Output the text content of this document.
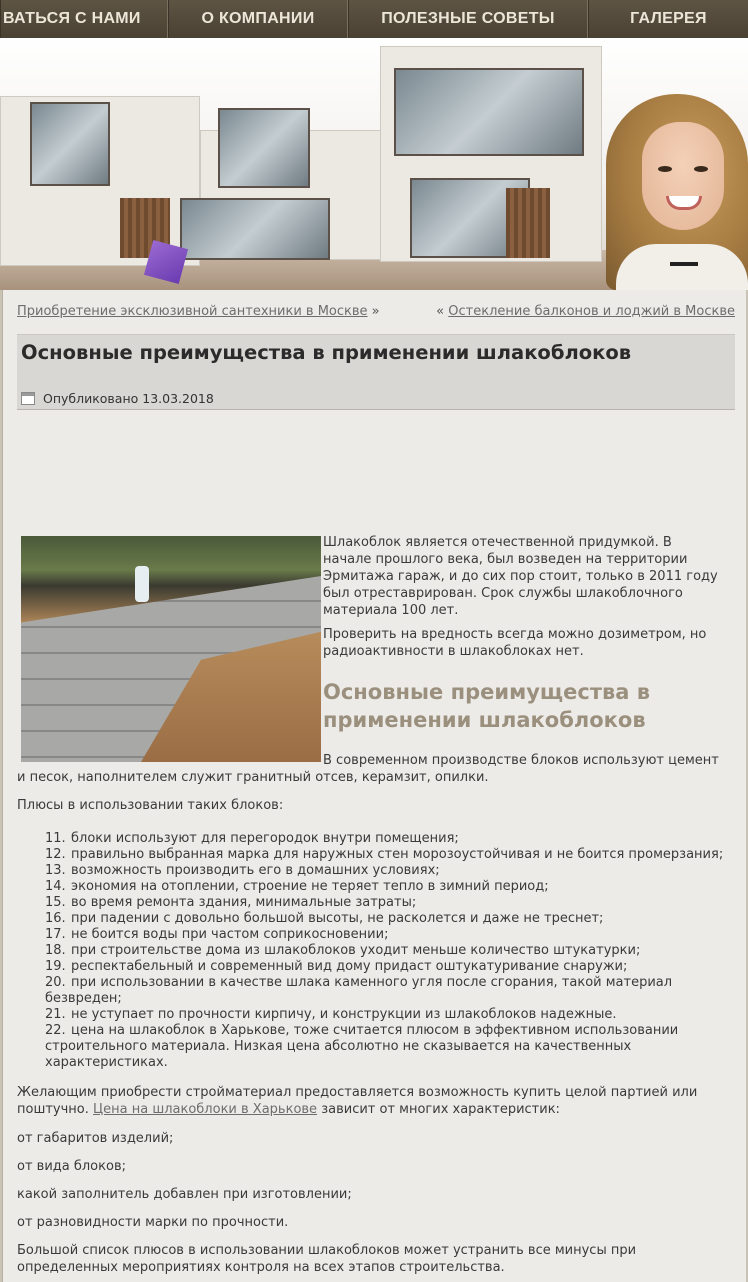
ВАТЬСЯ С НАМИ	О КОМПАНИИ	ПОЛЕЗНЫЕ СОВЕТЫ	ГАЛЕРЕЯ
Приобретение эксклюзивной сантехники в Москве »	« Остекление балконов и лоджий в Москве
Основные преимущества в применении шлакоблоков
Опубликовано
13.03.2018
Шлакоблок является отечественной придумкой. В начале прошлого века, был возведен на территории Эрмитажа гараж, и до сих пор стоит, только в 2011 году был отреставрирован. Срок службы шлакоблочного материала 100 лет.
Проверить на вредность всегда можно дозиметром, но радиоактивности в шлакоблоках нет.
Основные преимущества в применении шлакоблоков
В современном производстве блоков используют цемент и песок, наполнителем служит гранитный отсев, керамзит, опилки.
Плюсы в использовании таких блоков:
11. блоки используют для перегородок внутри помещения;
12. правильно выбранная марка для наружных стен морозоустойчивая и не боится промерзания;
13. возможность производить его в домашних условиях;
14. экономия на отоплении, строение не теряет тепло в зимний период;
15. во время ремонта здания, минимальные затраты;
16. при падении с довольно большой высоты, не расколется и даже не треснет;
17. не боится воды при частом соприкосновении;
18. при строительстве дома из шлакоблоков уходит меньше количество штукатурки;
19. респектабельный и современный вид дому придаст оштукатуривание снаружи;
20. при использовании в качестве шлака каменного угля после сгорания, такой материал безвреден;
21. не уступает по прочности кирпичу, и конструкции из шлакоблоков надежные.
22. цена на шлакоблок в Харькове, тоже считается плюсом в эффективном использовании строительного материала. Низкая цена абсолютно не сказывается на качественных характеристиках.
Желающим приобрести стройматериал предоставляется возможность купить целой партией или поштучно. Цена на шлакоблоки в Харькове зависит от многих характеристик:
от габаритов изделий;
от вида блоков;
какой заполнитель добавлен при изготовлении;
от разновидности марки по прочности.
Большой список плюсов в использовании шлакоблоков может устранить все минусы при определенных мероприятиях контроля на всех этапов строительства.
